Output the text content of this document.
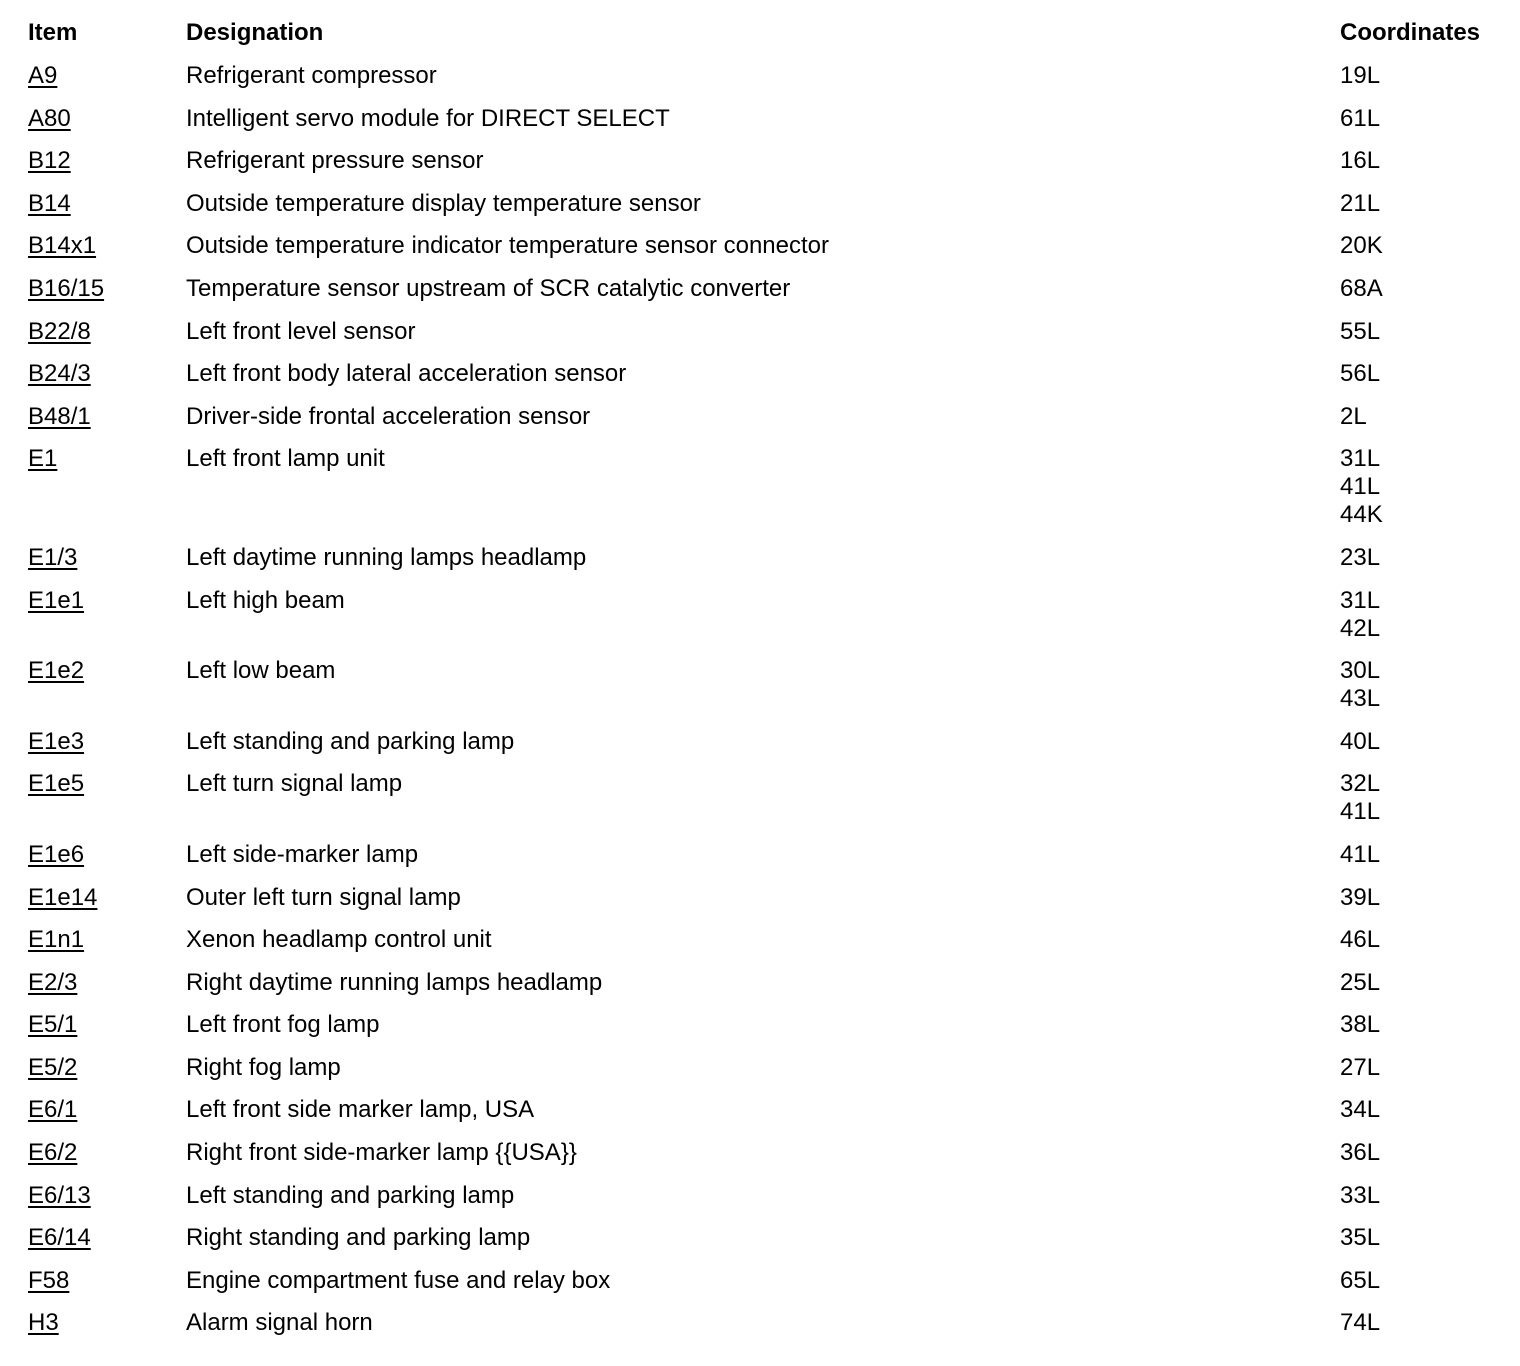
Item	Designation	Coordinates
A9	Refrigerant compressor	19L
A80	Intelligent servo module for DIRECT SELECT	61L
B12	Refrigerant pressure sensor	16L
B14	Outside temperature display temperature sensor	21L
B14x1	Outside temperature indicator temperature sensor connector	20K
B16/15	Temperature sensor upstream of SCR catalytic converter	68A
B22/8	Left front level sensor	55L
B24/3	Left front body lateral acceleration sensor	56L
B48/1	Driver-side frontal acceleration sensor	2L
E1	Left front lamp unit	31L
41L
44K
E1/3	Left daytime running lamps headlamp	23L
E1e1	Left high beam	31L
42L
E1e2	Left low beam	30L
43L
E1e3	Left standing and parking lamp	40L
E1e5	Left turn signal lamp	32L
41L
E1e6	Left side-marker lamp	41L
E1e14	Outer left turn signal lamp	39L
E1n1	Xenon headlamp control unit	46L
E2/3	Right daytime running lamps headlamp	25L
E5/1	Left front fog lamp	38L
E5/2	Right fog lamp	27L
E6/1	Left front side marker lamp, USA	34L
E6/2	Right front side-marker lamp {{USA}}	36L
E6/13	Left standing and parking lamp	33L
E6/14	Right standing and parking lamp	35L
F58	Engine compartment fuse and relay box	65L
H3	Alarm signal horn	74L
